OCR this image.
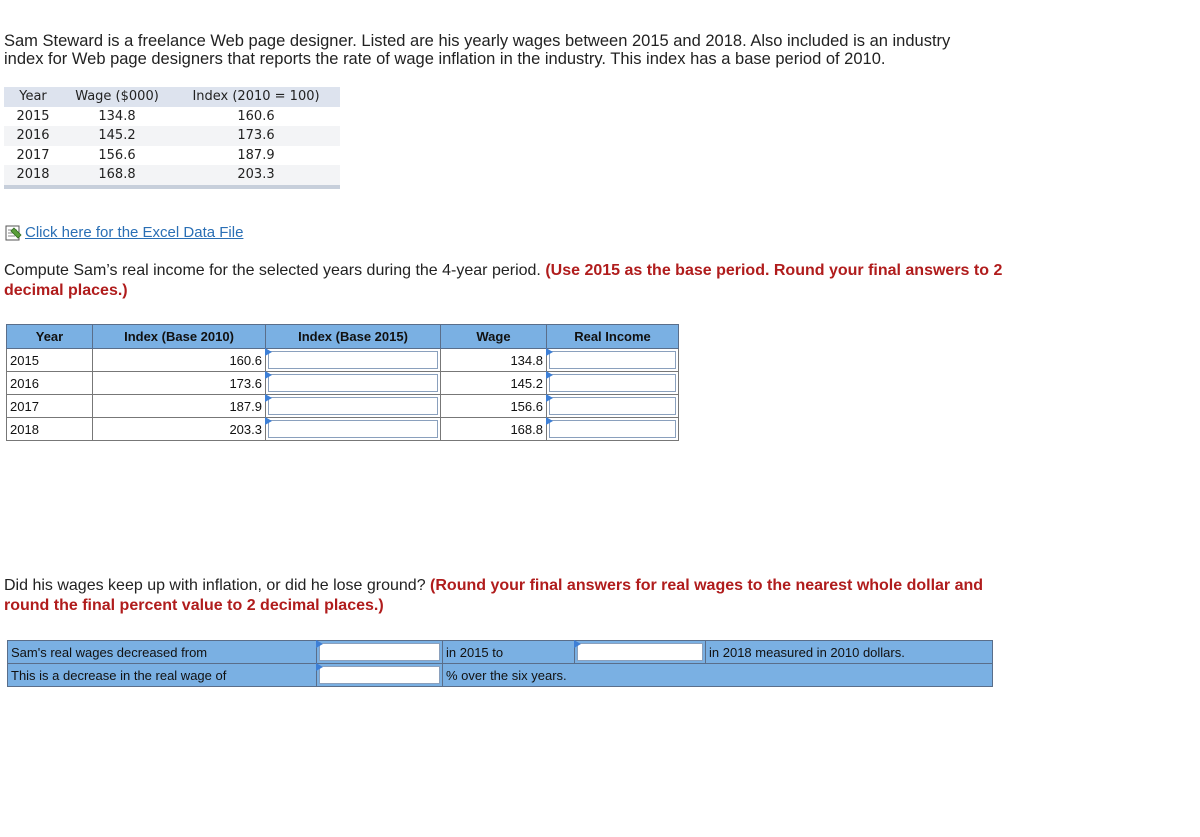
Sam Steward is a freelance Web page designer. Listed are his yearly wages between 2015 and 2018. Also included is an industry index for Web page designers that reports the rate of wage inflation in the industry. This index has a base period of 2010.
Year	Wage ($000)	Index (2010 = 100)
2015	134.8	160.6
2016	145.2	173.6
2017	156.6	187.9
2018	168.8	203.3

Click here for the Excel Data File
Compute Sam’s real income for the selected years during the 4-year period. (Use 2015 as the base period. Round your final answers to 2 decimal places.)
Year	Index (Base 2010)	Index (Base 2015)	Wage	Real Income
2015	160.6		134.8	

2016	173.6		145.2	

2017	187.9		156.6	

2018	203.3		168.8	
Did his wages keep up with inflation, or did he lose ground? (Round your final answers for real wages to the nearest whole dollar and round the final percent value to 2 decimal places.)
Sam's real wages decreased from		in 2015 to		in 2018 measured in 2010 dollars.
This is a decrease in the real wage of		% over the six years.		
